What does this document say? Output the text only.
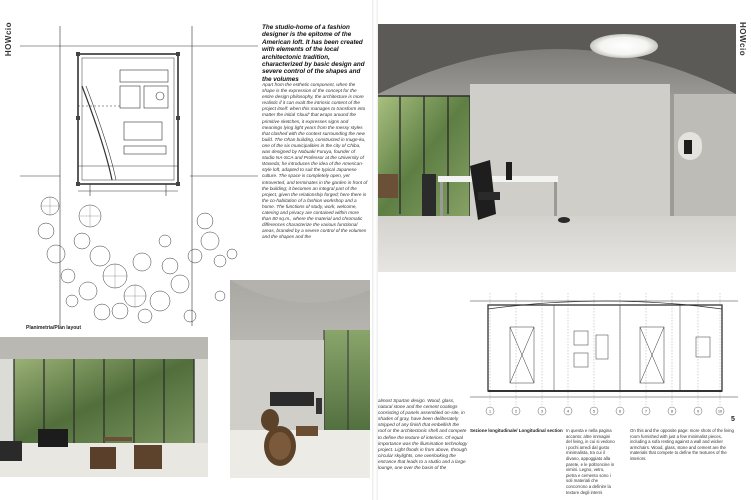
HOWcio	HOWcio
Planimetria/Plan layout
The studio-home of a fashion designer is the epitome of the American loft. It has been created with elements of the local architectonic tradition, characterized by basic design and severe control of the shapes and the volumes
Apart from the esthetic component, when the shape is the expression of the concept for the entire design philosophy, the architecture is more realistic if it can exalt the intrinsic content of the project itself: when this manages to transform into matter the initial 'cloud' that wraps around the primitive sketches, it expresses signs and meanings lying light years from the messy styles that clashed with the context surrounding the new build. The Ohan building, constructed in Inuge-ku, one of the six municipalities in the city of Chiba, was designed by Nobuaki Furuya, founder of studio NA-SCA and Professor at the University of Waseda; he introduces the idea of the American-style loft, adapted to suit the typical Japanese culture. The space is completely open, yet introverted, and terminates in the garden in front of the building; it becomes an integral part of the project, given the relationship forged; here there is the co-habitation of a fashion workshop and a home. The functions of study, work, welcome, catering and privacy are contained within more than 80 sq.m., where the material and chromatic differences characterize the various functional areas, branded by a severe control of the volumes and the shapes and the
1	2	3	4	5	6	7	8	9	10
almost Spartan design. Wood, glass, natural stone and the cement coatings consisting of panels assembled on-site, in shades of gray, have been deliberately stripped of any finish that embellish the roof or the architectonic shell and compete to define the texture of interiors. Of equal importance was the illumination technology project. Light floods in from above, through circular skylights, one overlooking the entrance that leads to a studio and a large lounge, one over the basin of the
Sezione longitudinale/ Longitudinal section In questa e nella pagina accanto: altre immagini del living, in cui si vedono i pochi arredi dal gusto minimalista, tra cui il divano, appoggiato alla parete, e le poltroncine in vimini. Legno, vetro, pietra e cemento sono i soli materiali che concorrono a definire la texture degli interni
On this and the opposite page: more shots of the living room furnished with just a few minimalist pieces, including a sofa resting against a wall and wicker armchairs. Wood, glass, stone and cement are the materials that compete to define the textures of the interiors.
5
